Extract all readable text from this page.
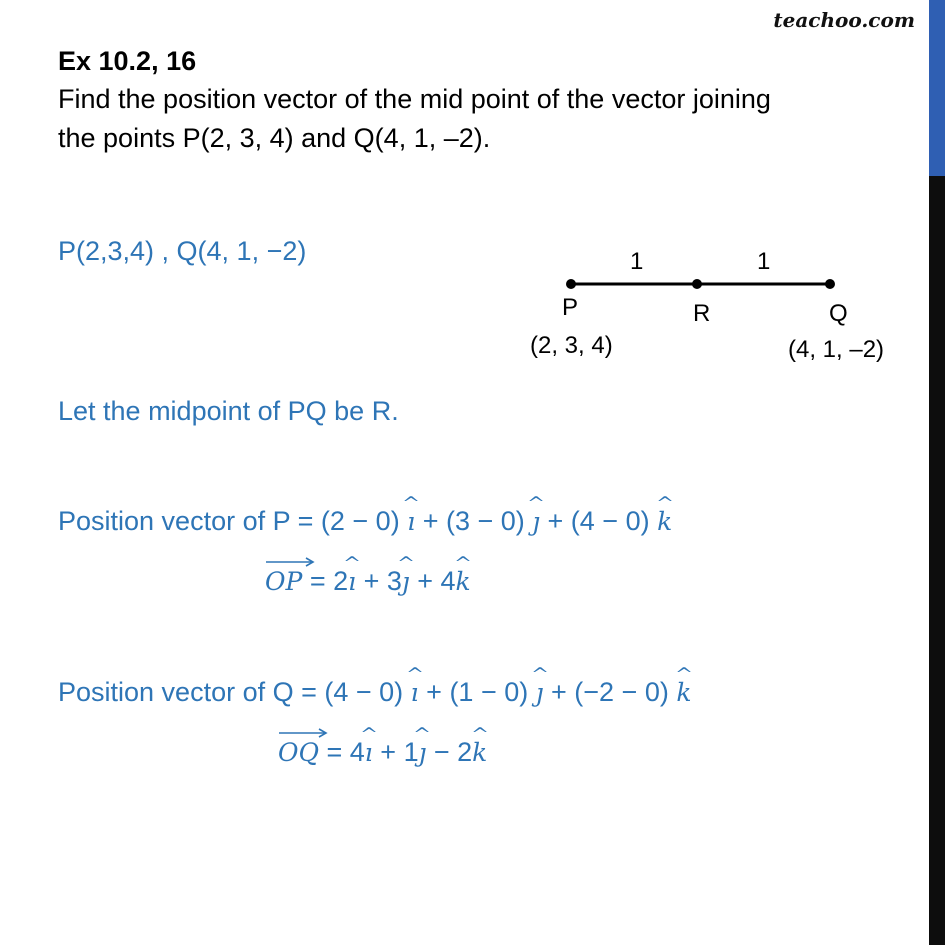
teachoo.com
Ex 10.2, 16
Find the position vector of the mid point of the vector joining
the points P(2, 3, 4) and Q(4, 1, –2).
P(2,3,4) , Q(4, 1, −2)	1	1
P	R	Q
(2, 3, 4)	(4, 1, –2)
Let the midpoint of PQ be R.
Position vector of P = (2 − 0) ^ ı + (3 − 0) ^ ȷ + (4 − 0) ^ k
OP = 2^ ı + 3^ ȷ + 4^ k
Position vector of Q = (4 − 0) ^ ı + (1 − 0) ^ ȷ + (−2 − 0) ^ k
OQ = 4^ ı + 1^ ȷ − 2^ k
